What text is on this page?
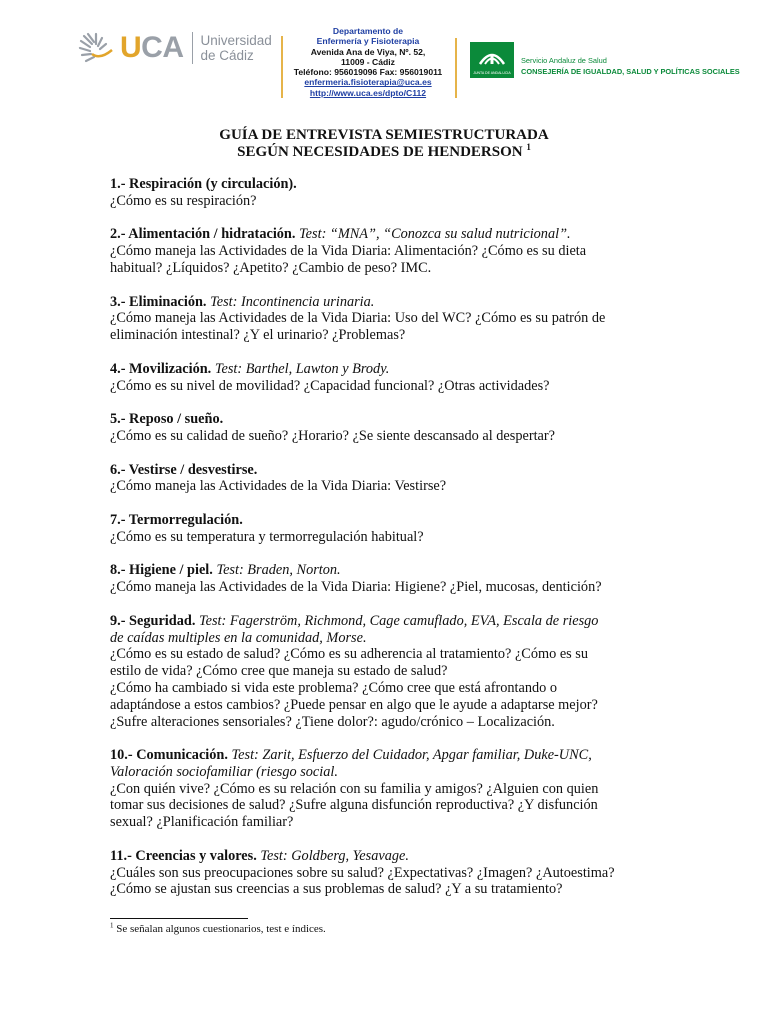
UCA Universidad
de Cádiz
Departamento de
Enfermería y Fisioterapia
Avenida Ana de Viya, Nº. 52,
11009 - Cádiz
Teléfono: 956019096 Fax: 956019011
enfermeria.fisioterapia@uca.es
http://www.uca.es/dpto/C112
JUNTA DE ANDALUCIA
Servicio Andaluz de Salud
CONSEJERÍA DE IGUALDAD, SALUD Y POLÍTICAS SOCIALES
GUÍA DE ENTREVISTA SEMIESTRUCTURADA
SEGÚN NECESIDADES DE HENDERSON $^1$
1.- Respiración (y circulación).
¿Cómo es su respiración?
2.- Alimentación / hidratación. Test: “MNA”, “Conozca su salud nutricional”.
¿Cómo maneja las Actividades de la Vida Diaria: Alimentación? ¿Cómo es su dieta
habitual? ¿Líquidos? ¿Apetito? ¿Cambio de peso? IMC.
3.- Eliminación. Test: Incontinencia urinaria.
¿Cómo maneja las Actividades de la Vida Diaria: Uso del WC? ¿Cómo es su patrón de
eliminación intestinal? ¿Y el urinario? ¿Problemas?
4.- Movilización. Test: Barthel, Lawton y Brody.
¿Cómo es su nivel de movilidad? ¿Capacidad funcional? ¿Otras actividades?
5.- Reposo / sueño.
¿Cómo es su calidad de sueño? ¿Horario? ¿Se siente descansado al despertar?
6.- Vestirse / desvestirse.
¿Cómo maneja las Actividades de la Vida Diaria: Vestirse?
7.- Termorregulación.
¿Cómo es su temperatura y termorregulación habitual?
8.- Higiene / piel. Test: Braden, Norton.
¿Cómo maneja las Actividades de la Vida Diaria: Higiene? ¿Piel, mucosas, dentición?
9.- Seguridad. Test: Fagerström, Richmond, Cage camuflado, EVA, Escala de riesgo
de caídas multiples en la comunidad, Morse.
¿Cómo es su estado de salud? ¿Cómo es su adherencia al tratamiento? ¿Cómo es su
estilo de vida? ¿Cómo cree que maneja su estado de salud?
¿Cómo ha cambiado si vida este problema? ¿Cómo cree que está afrontando o
adaptándose a estos cambios? ¿Puede pensar en algo que le ayude a adaptarse mejor?
¿Sufre alteraciones sensoriales? ¿Tiene dolor?: agudo/crónico – Localización.
10.- Comunicación. Test: Zarit, Esfuerzo del Cuidador, Apgar familiar, Duke-UNC,
Valoración sociofamiliar (riesgo social.
¿Con quién vive? ¿Cómo es su relación con su familia y amigos? ¿Alguien con quien
tomar sus decisiones de salud? ¿Sufre alguna disfunción reproductiva? ¿Y disfunción
sexual? ¿Planificación familiar?
11.- Creencias y valores. Test: Goldberg, Yesavage.
¿Cuáles son sus preocupaciones sobre su salud? ¿Expectativas? ¿Imagen? ¿Autoestima?
¿Cómo se ajustan sus creencias a sus problemas de salud? ¿Y a su tratamiento?
$^1$ Se señalan algunos cuestionarios, test e índices.
